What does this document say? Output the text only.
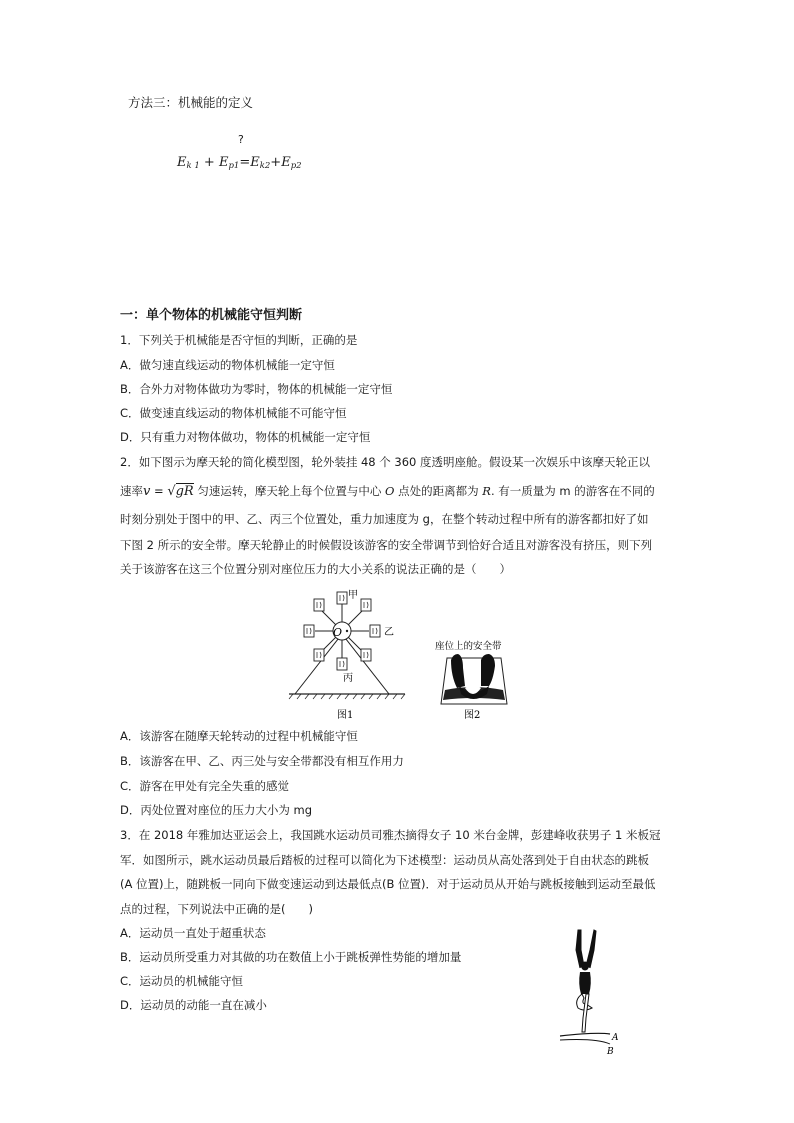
方法三：机械能的定义
?
$E_{k 1} + E_{p1}=E_{k2}+E_{p2}$
一：单个物体的机械能守恒判断
1．下列关于机械能是否守恒的判断，正确的是
A．做匀速直线运动的物体机械能一定守恒
B．合外力对物体做功为零时，物体的机械能一定守恒
C．做变速直线运动的物体机械能不可能守恒
D．只有重力对物体做功，物体的机械能一定守恒
2．如下图示为摩天轮的简化模型图，轮外装挂 48 个 360 度透明座舱。假设某一次娱乐中该摩天轮正以
速率v = √gR 匀速运转，摩天轮上每个位置与中心 O 点处的距离都为 R. 有一质量为 m 的游客在不同的
时刻分别处于图中的甲、乙、丙三个位置处，重力加速度为 g，在整个转动过程中所有的游客都扣好了如
下图 2 所示的安全带。摩天轮静止的时候假设该游客的安全带调节到恰好合适且对游客没有挤压，则下列
关于该游客在这三个位置分别对座位压力的大小关系的说法正确的是（　　）
O
甲
乙
丙
图1
座位上的安全带
图2
A．该游客在随摩天轮转动的过程中机械能守恒
B．该游客在甲、乙、丙三处与安全带都没有相互作用力
C．游客在甲处有完全失重的感觉
D．丙处位置对座位的压力大小为 mg
3．在 2018 年雅加达亚运会上，我国跳水运动员司雅杰摘得女子 10 米台金牌，彭建峰收获男子 1 米板冠
军．如图所示，跳水运动员最后踏板的过程可以简化为下述模型：运动员从高处落到处于自由状态的跳板
(A 位置)上，随跳板一同向下做变速运动到达最低点(B 位置)．对于运动员从开始与跳板接触到运动至最低
点的过程，下列说法中正确的是(　　)
A．运动员一直处于超重状态
B．运动员所受重力对其做的功在数值上小于跳板弹性势能的增加量
C．运动员的机械能守恒
D．运动员的动能一直在减小
A
B
